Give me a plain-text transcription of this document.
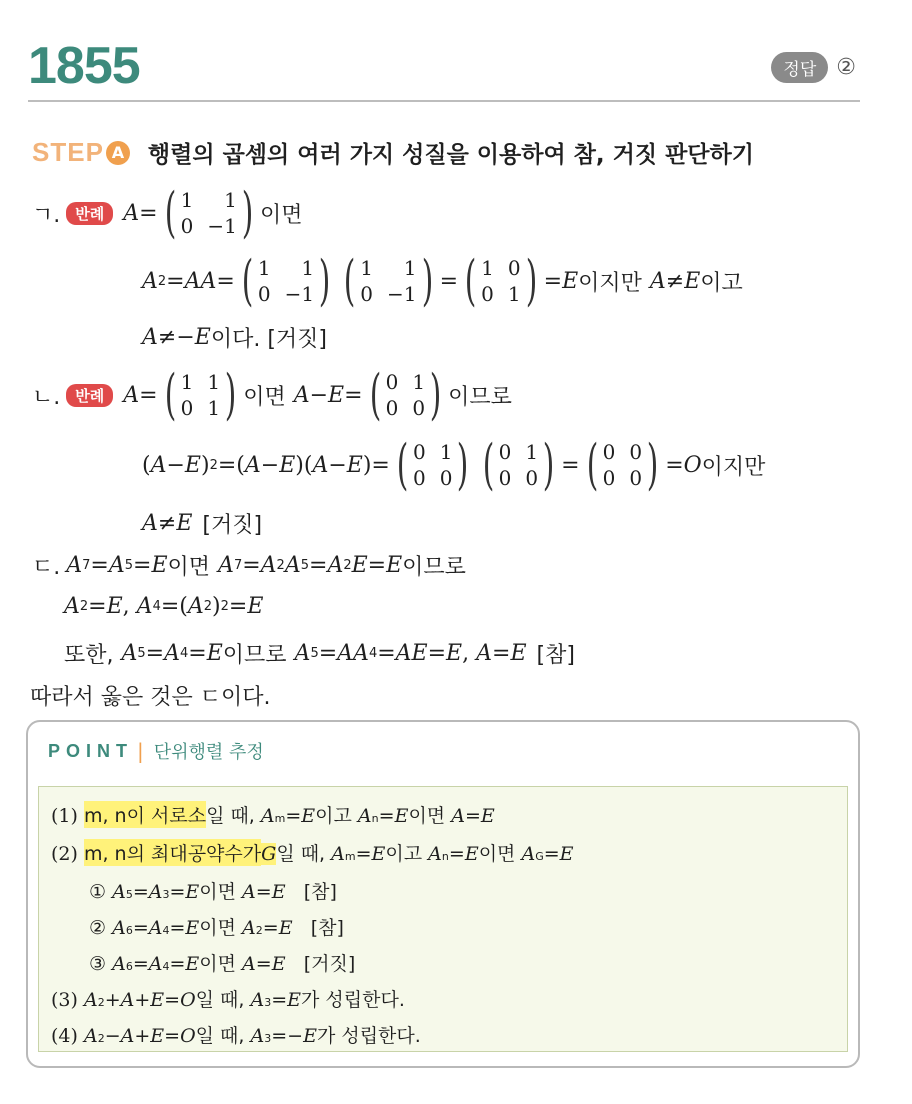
1855	정답 ②
STEP A 행렬의 곱셈의 여러 가지 성질을 이용하여 참, 거짓 판단하기
ㄱ.	반례 A = ( 1	1
0 −1 ) 이면
A 2 = AA = ( 1	1
0 −1 ) ( 1	1
0 −1 ) = ( 1 0
0 1 ) = E 이지만 A ≠ E 이고
A ≠− E 이다. [거짓]
ㄴ.	반례 A = ( 1 1
0 1 ) 이면 A − E = ( 0 1
0 0 ) 이므로
( A − E ) 2 =( A − E )( A − E )= ( 0 1
0 0 ) ( 0 1
0 0 ) = ( 0 0
0 0 ) = O 이지만
A ≠ E [거짓]
ㄷ. A 7 = A 5 = E 이면 A 7 = A 2 A 5 = A 2 E = E 이므로
A 2 = E , A 4 =( A 2 ) 2 = E
또한, A 5 = A 4 = E 이므로 A 5 = AA 4 = AE = E , A = E [참]
따라서 옳은 것은 ㄷ이다.
POINT | 단위행렬 추정
(1)
m, n이 서로소 일 때,
A m = E 이고
A n = E 이면
A = E
(2)
m, n의 최대공약수가 G 일 때,
A m = E 이고
A n = E 이면
A G = E
①
A 5 = A 3 = E 이면
A = E
[참]
②
A 6 = A 4 = E 이면
A 2 = E
[참]
③
A 6 = A 4 = E 이면
A = E
[거짓]
(3)
A 2 + A + E = O 일 때,
A 3 = E 가 성립한다.
(4)
A 2 − A + E = O 일 때,
A 3 =− E 가 성립한다.
